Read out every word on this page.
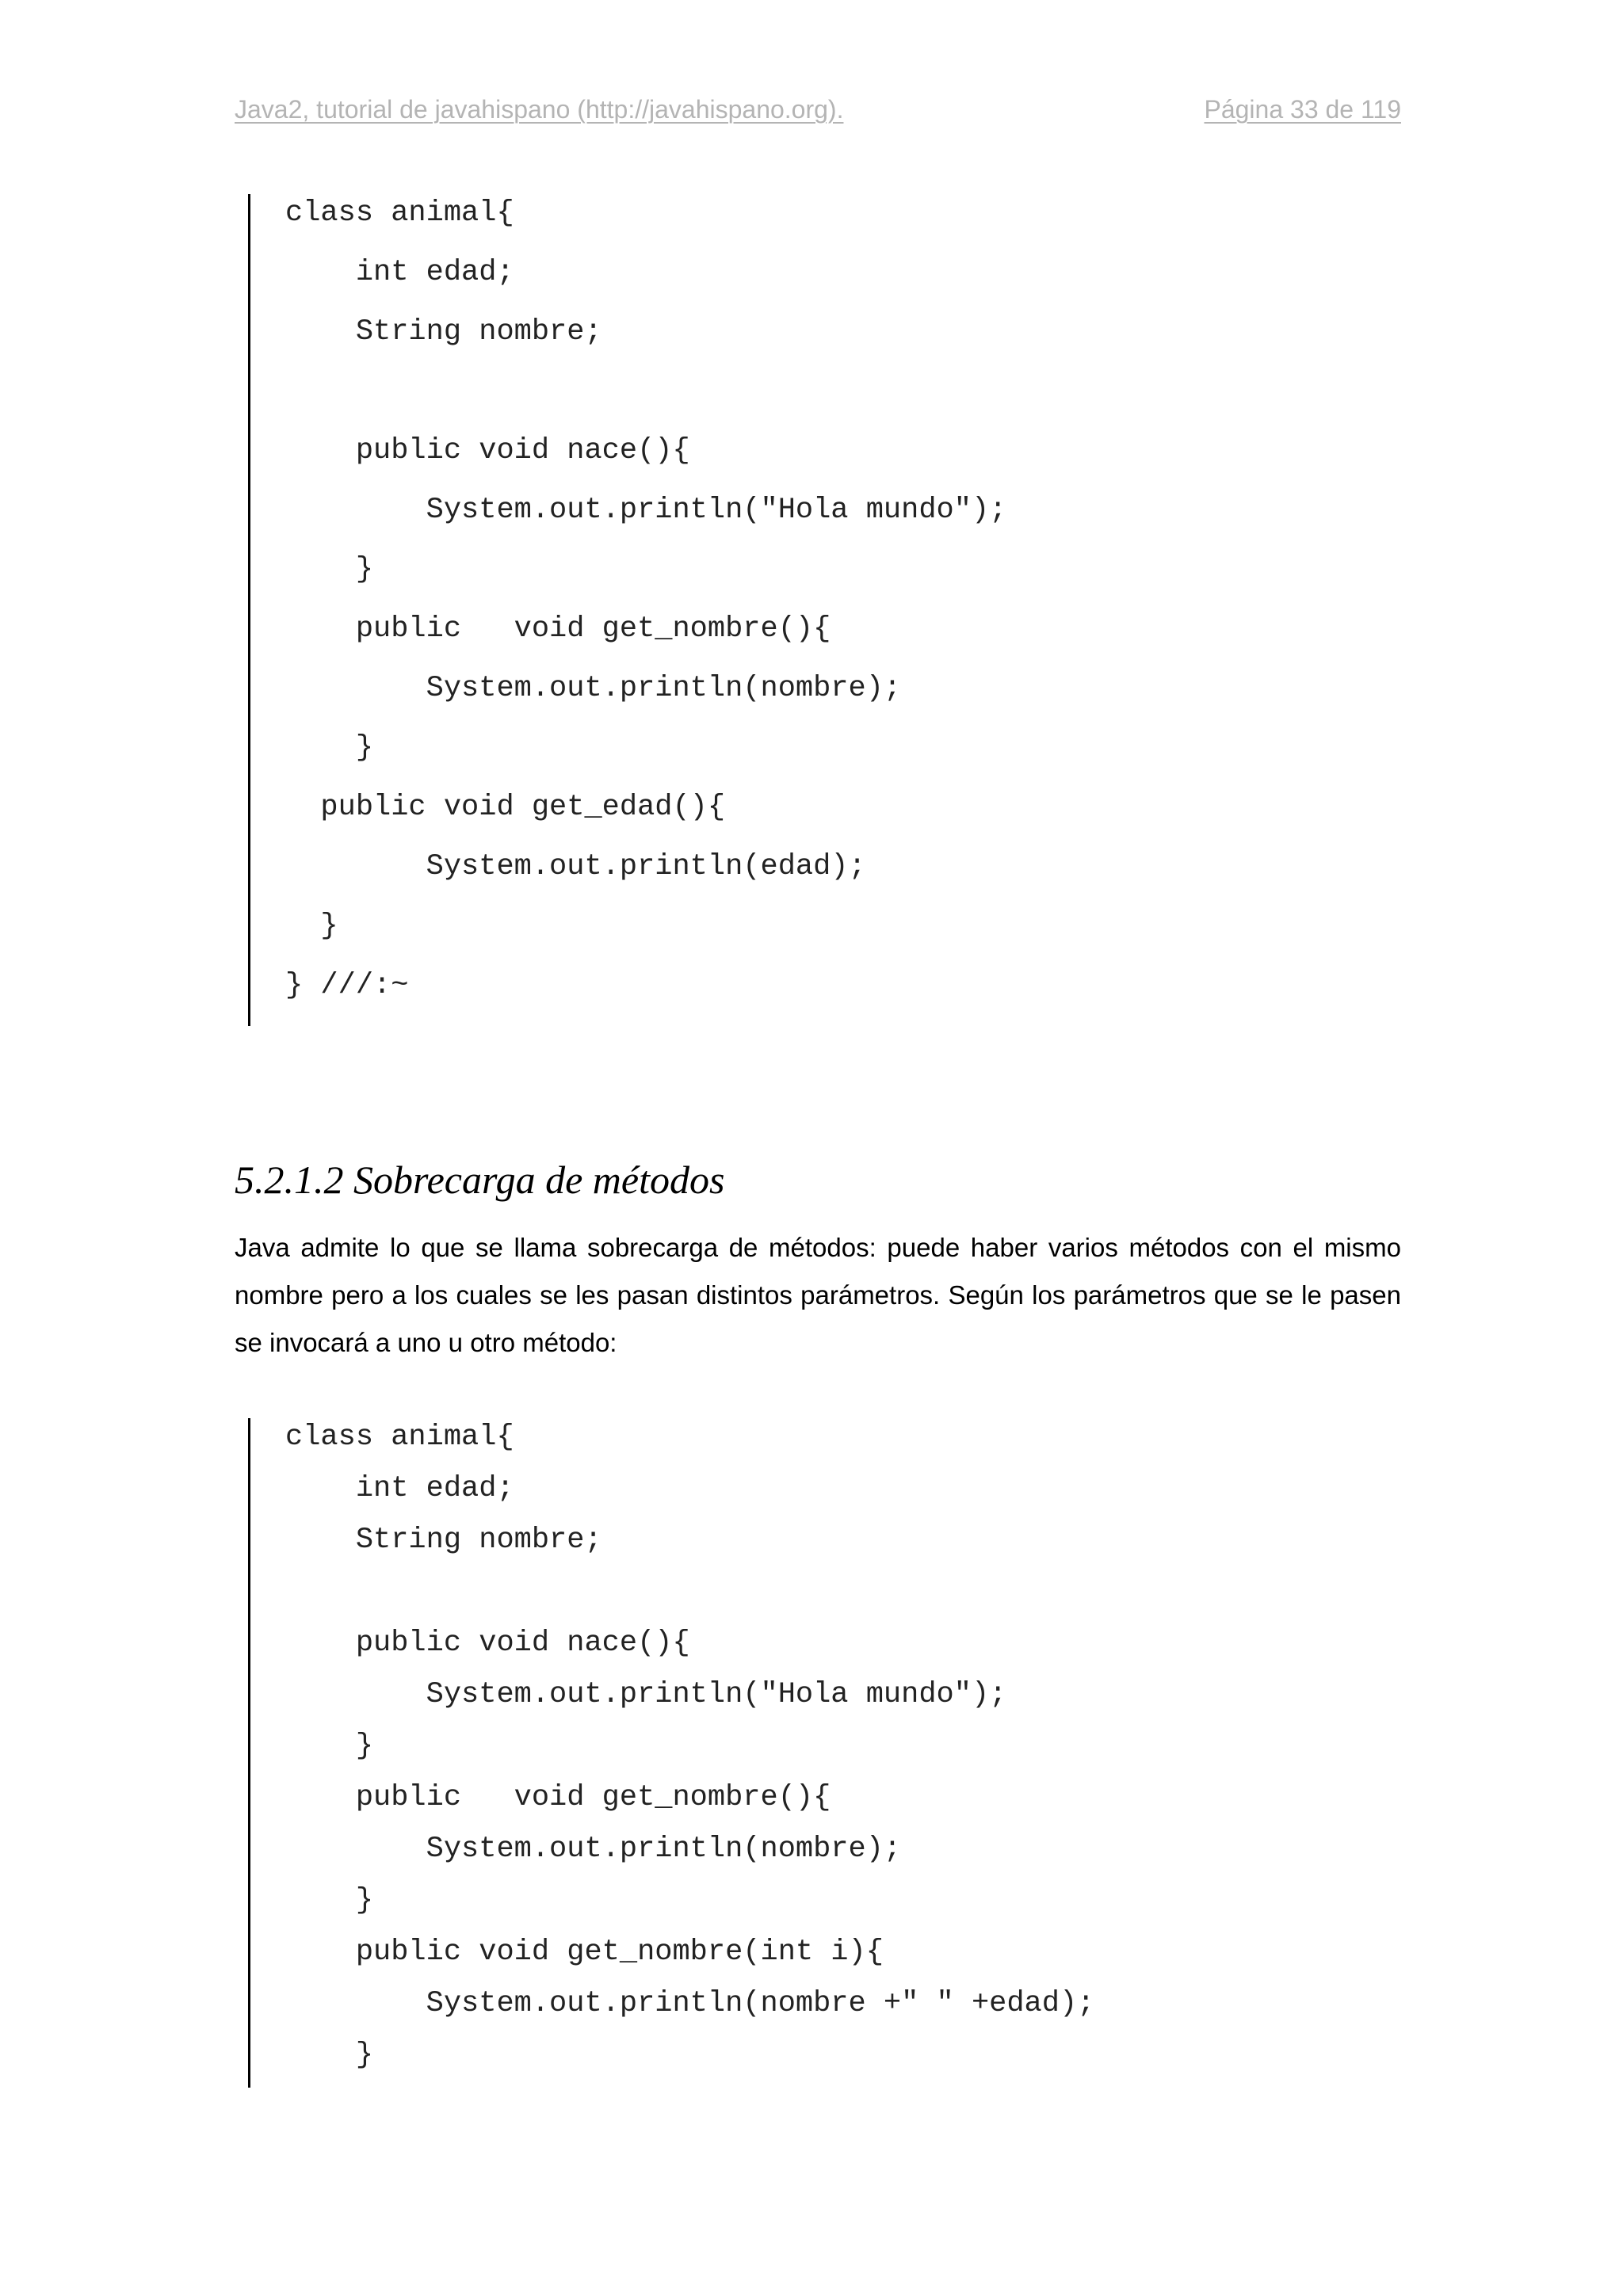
Java2, tutorial de javahispano (http://javahispano.org).	Página 33 de 119
class animal{
int edad;
String nombre;
public void nace(){
System.out.println("Hola mundo");
}
public   void get_nombre(){
System.out.println(nombre);
}
public void get_edad(){
System.out.println(edad);
}
} ///:~
5.2.1.2 Sobrecarga de métodos
Java admite lo que se llama sobrecarga de métodos: puede haber varios métodos con el mismo nombre pero a los cuales se les pasan distintos parámetros. Según los parámetros que se le pasen se invocará a uno u otro método:
class animal{
int edad;
String nombre;
public void nace(){
System.out.println("Hola mundo");
}
public   void get_nombre(){
System.out.println(nombre);
}
public void get_nombre(int i){
System.out.println(nombre +" " +edad);
}
